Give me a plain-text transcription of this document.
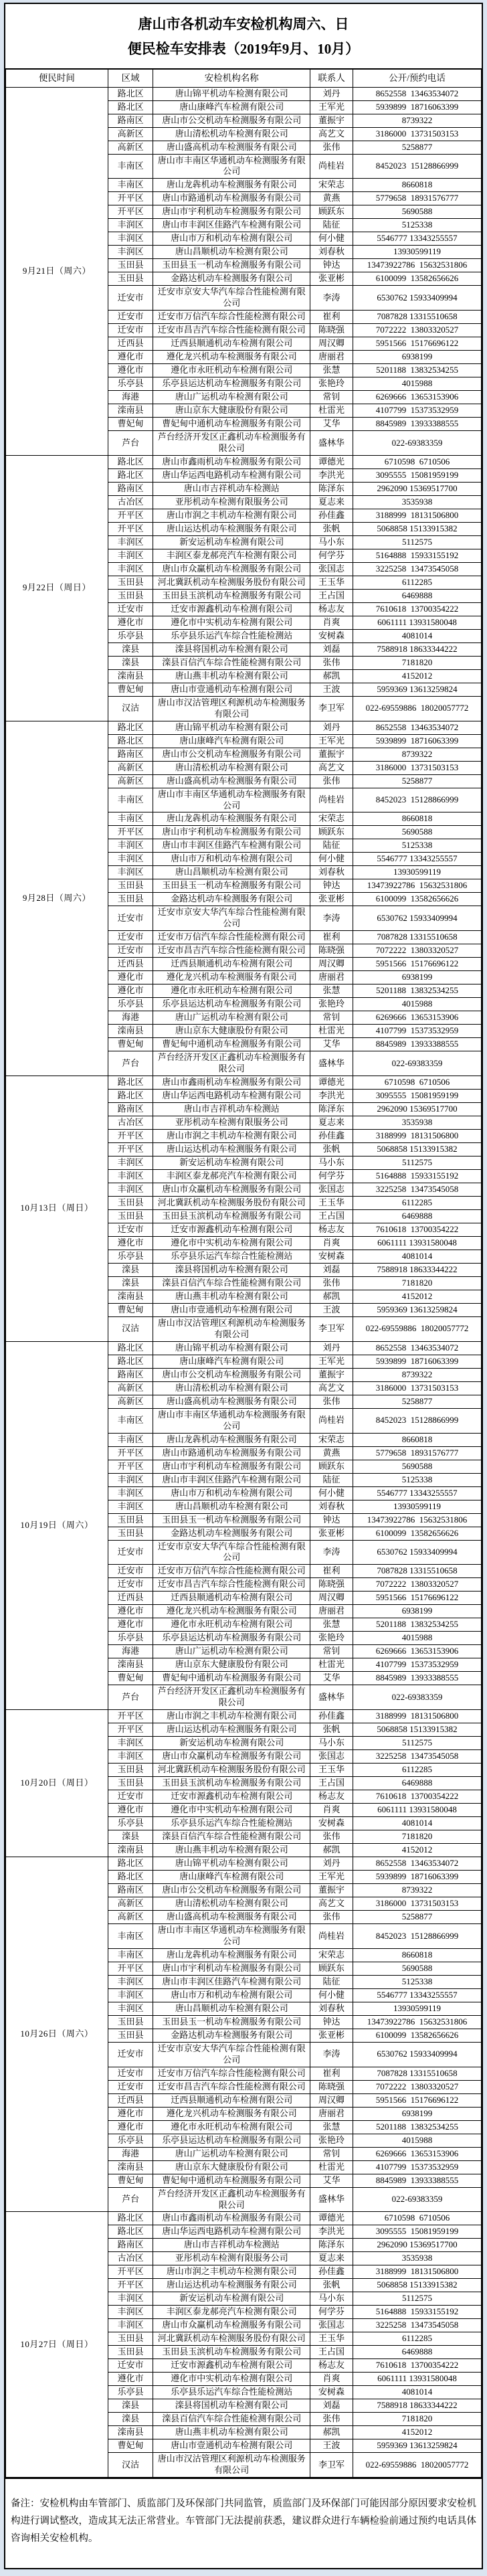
唐山市各机动车安检机构周六、日
便民检车安排表（2019年9月、10月）
便民时间	区域	安检机构名称	联系人	公开/预约电话
9月21日（周六）	路北区	唐山锦平机动车检测有限公司	刘丹	8652558  13463534072
	路北区	唐山康峰汽车检测有限公司	王军光	5939899  18716063399
	路南区	唐山市公交机动车检测服务有限公司	董振宇	8739322
	高新区	唐山清松机动车检测有限公司	高艺文	3186000  13731503153
	高新区	唐山盛高机动车检测服务有限公司	张伟	5258877
	丰南区	唐山市丰南区华通机动车检测服务有限公司	尚桂岩	8452023  15128866999
	丰南区	唐山龙犇机动车检测服务有限公司	宋荣志	8660818
	开平区	唐山市路通机动车检测服务有限公司	黄燕	5779658  18931576777
	开平区	唐山市宇利机动车检测服务有限公司	顾跃东	5690588
	丰润区	唐山市丰润区佳路汽车检测有限公司	陆征	5125338
	丰润区	唐山市万和机动车检测有限公司	何小健	5546777 13343255557
	丰润区	唐山昌顺机动车检测有限公司	刘春秋	13930599119
	玉田县	玉田县玉一机动车检测服务有限公司	钟达	13473922786  15632531806
	玉田县	金路达机动车检测服务有限公司	张亚彬	6100099  13582656626
	迁安市	迁安市京安大华汽车综合性能检测有限公司	李涛	6530762 15933409994
	迁安市	迁安市万信汽车综合性能检测有限公司	崔利	7087828 13315510658
	迁安市	迁安市昌吉汽车综合性能检测有限公司	陈晓强	7072222  13803320527
	迁西县	迁西县顺通机动车检测有限公司	周汉卿	5951566  15176696122
	遵化市	遵化龙兴机动车检测服务有限公司	唐丽君	6938199
	遵化市	遵化市永旺机动车检测有限公司	张慧	5201188  13832534255
	乐亭县	乐亭县运达机动车检测服务有限公司	张艳玲	4015988
	海港	唐山广运机动车检测有限公司	常钊	6269666  13653153906
	滦南县	唐山京东大健康股份有限公司	杜雷光	4107799  15373532959
	曹妃甸	曹妃甸中通机动车检测服务有限公司	艾华	8845989  13933388555
	芦台	芦台经济开发区正鑫机动车检测服务有限公司	盛林华	022-69383359
9月22日（周日）	路北区	唐山市鑫雨机动车检测服务有限公司	谭德光	6710598  6710506
	路北区	唐山华运西电路机动车检测有限公司	李洪光	3095555  15081959199
	路南区	唐山市吉祥机动车检测站	陈泽东	2962090 15369517700
	古冶区	亚彤机动车检测有限服务公司	夏志来	3535938
	开平区	唐山市润之丰机动车检测有限公司	孙佳鑫	3188999  18131506800
	开平区	唐山运达机动车检测服务有限公司	张帆	5068858 15133915382
	丰润区	新安运机动车检测有限公司	马小东	5112575
	丰润区	丰润区泰龙郝亮汽车检测有限公司	何学芬	5164888  15933155192
	丰润区	唐山市众赢机动车检测服务有限公司	张国志	3225258  13473545058
	玉田县	河北冀跃机动车检测服务股份有限公司	王玉华	6112285
	玉田县	玉田县玉滨机动车检测服务有限公司	王占国	6469888
	迁安市	迁安市源鑫机动车检测有限公司	杨志友	7610618  13700354222
	遵化市	遵化市中实机动车检测有限公司	肖爽	6061111 13931580048
	乐亭县	乐亭县乐运汽车综合性能检测站	安树森	4081014
	滦县	滦县将国机动车检测有限公司	刘磊	7588918 18633344222
	滦县	滦县百信汽车综合性能检测有限公司	张伟	7181820
	滦南县	唐山燕丰机动车检测有限公司	郝凯	4152012
	曹妃甸	唐山市壹通机动车检测有限公司	王波	5959369 13613259824
	汉沽	唐山市汉沽管理区利源机动车检测服务有限公司	李卫军	022-69559886  18020057772
9月28日（周六）	路北区	唐山锦平机动车检测有限公司	刘丹	8652558  13463534072
	路北区	唐山康峰汽车检测有限公司	王军光	5939899  18716063399
	路南区	唐山市公交机动车检测服务有限公司	董振宇	8739322
	高新区	唐山清松机动车检测有限公司	高艺文	3186000  13731503153
	高新区	唐山盛高机动车检测服务有限公司	张伟	5258877
	丰南区	唐山市丰南区华通机动车检测服务有限公司	尚桂岩	8452023  15128866999
	丰南区	唐山龙犇机动车检测服务有限公司	宋荣志	8660818
	开平区	唐山市宇利机动车检测服务有限公司	顾跃东	5690588
	丰润区	唐山市丰润区佳路汽车检测有限公司	陆征	5125338
	丰润区	唐山市万和机动车检测有限公司	何小健	5546777 13343255557
	丰润区	唐山昌顺机动车检测有限公司	刘春秋	13930599119
	玉田县	玉田县玉一机动车检测服务有限公司	钟达	13473922786  15632531806
	玉田县	金路达机动车检测服务有限公司	张亚彬	6100099  13582656626
	迁安市	迁安市京安大华汽车综合性能检测有限公司	李涛	6530762 15933409994
	迁安市	迁安市万信汽车综合性能检测有限公司	崔利	7087828 13315510658
	迁安市	迁安市昌吉汽车综合性能检测有限公司	陈晓强	7072222  13803320527
	迁西县	迁西县顺通机动车检测有限公司	周汉卿	5951566  15176696122
	遵化市	遵化龙兴机动车检测服务有限公司	唐丽君	6938199
	遵化市	遵化市永旺机动车检测有限公司	张慧	5201188  13832534255
	乐亭县	乐亭县运达机动车检测服务有限公司	张艳玲	4015988
	海港	唐山广运机动车检测有限公司	常钊	6269666  13653153906
	滦南县	唐山京东大健康股份有限公司	杜雷光	4107799  15373532959
	曹妃甸	曹妃甸中通机动车检测服务有限公司	艾华	8845989  13933388555
	芦台	芦台经济开发区正鑫机动车检测服务有限公司	盛林华	022-69383359
10月13日（周日）	路北区	唐山市鑫雨机动车检测服务有限公司	谭德光	6710598  6710506
	路北区	唐山华运西电路机动车检测有限公司	李洪光	3095555  15081959199
	路南区	唐山市吉祥机动车检测站	陈泽东	2962090 15369517700
	古冶区	亚彤机动车检测有限服务公司	夏志来	3535938
	开平区	唐山市润之丰机动车检测有限公司	孙佳鑫	3188999  18131506800
	开平区	唐山运达机动车检测服务有限公司	张帆	5068858 15133915382
	丰润区	新安运机动车检测有限公司	马小东	5112575
	丰润区	丰润区泰龙郝亮汽车检测有限公司	何学芬	5164888  15933155192
	丰润区	唐山市众赢机动车检测服务有限公司	张国志	3225258  13473545058
	玉田县	河北冀跃机动车检测服务股份有限公司	王玉华	6112285
	玉田县	玉田县玉滨机动车检测服务有限公司	王占国	6469888
	迁安市	迁安市源鑫机动车检测有限公司	杨志友	7610618  13700354222
	遵化市	遵化市中实机动车检测有限公司	肖爽	6061111 13931580048
	乐亭县	乐亭县乐运汽车综合性能检测站	安树森	4081014
	滦县	滦县将国机动车检测有限公司	刘磊	7588918 18633344222
	滦县	滦县百信汽车综合性能检测有限公司	张伟	7181820
	滦南县	唐山燕丰机动车检测有限公司	郝凯	4152012
	曹妃甸	唐山市壹通机动车检测有限公司	王波	5959369 13613259824
	汉沽	唐山市汉沽管理区利源机动车检测服务有限公司	李卫军	022-69559886  18020057772
10月19日（周六）	路北区	唐山锦平机动车检测有限公司	刘丹	8652558  13463534072
	路北区	唐山康峰汽车检测有限公司	王军光	5939899  18716063399
	路南区	唐山市公交机动车检测服务有限公司	董振宇	8739322
	高新区	唐山清松机动车检测有限公司	高艺文	3186000  13731503153
	高新区	唐山盛高机动车检测服务有限公司	张伟	5258877
	丰南区	唐山市丰南区华通机动车检测服务有限公司	尚桂岩	8452023  15128866999
	丰南区	唐山龙犇机动车检测服务有限公司	宋荣志	8660818
	开平区	唐山市路通机动车检测服务有限公司	黄燕	5779658  18931576777
	开平区	唐山市宇利机动车检测服务有限公司	顾跃东	5690588
	丰润区	唐山市丰润区佳路汽车检测有限公司	陆征	5125338
	丰润区	唐山市万和机动车检测有限公司	何小健	5546777 13343255557
	丰润区	唐山昌顺机动车检测有限公司	刘春秋	13930599119
	玉田县	玉田县玉一机动车检测服务有限公司	钟达	13473922786  15632531806
	玉田县	金路达机动车检测服务有限公司	张亚彬	6100099  13582656626
	迁安市	迁安市京安大华汽车综合性能检测有限公司	李涛	6530762 15933409994
	迁安市	迁安市万信汽车综合性能检测有限公司	崔利	7087828 13315510658
	迁安市	迁安市昌吉汽车综合性能检测有限公司	陈晓强	7072222  13803320527
	迁西县	迁西县顺通机动车检测有限公司	周汉卿	5951566  15176696122
	遵化市	遵化龙兴机动车检测服务有限公司	唐丽君	6938199
	遵化市	遵化市永旺机动车检测有限公司	张慧	5201188  13832534255
	乐亭县	乐亭县运达机动车检测服务有限公司	张艳玲	4015988
	海港	唐山广运机动车检测有限公司	常钊	6269666  13653153906
	滦南县	唐山京东大健康股份有限公司	杜雷光	4107799  15373532959
	曹妃甸	曹妃甸中通机动车检测服务有限公司	艾华	8845989  13933388555
	芦台	芦台经济开发区正鑫机动车检测服务有限公司	盛林华	022-69383359
10月20日（周日）	开平区	唐山市润之丰机动车检测有限公司	孙佳鑫	3188999  18131506800
	开平区	唐山运达机动车检测服务有限公司	张帆	5068858 15133915382
	丰润区	新安运机动车检测有限公司	马小东	5112575
	丰润区	唐山市众赢机动车检测服务有限公司	张国志	3225258  13473545058
	玉田县	河北冀跃机动车检测服务股份有限公司	王玉华	6112285
	玉田县	玉田县玉滨机动车检测服务有限公司	王占国	6469888
	迁安市	迁安市源鑫机动车检测有限公司	杨志友	7610618  13700354222
	遵化市	遵化市中实机动车检测有限公司	肖爽	6061111 13931580048
	乐亭县	乐亭县乐运汽车综合性能检测站	安树森	4081014
	滦县	滦县百信汽车综合性能检测有限公司	张伟	7181820
	滦南县	唐山燕丰机动车检测有限公司	郝凯	4152012
10月26日（周六）	路北区	唐山锦平机动车检测有限公司	刘丹	8652558  13463534072
	路北区	唐山康峰汽车检测有限公司	王军光	5939899  18716063399
	路南区	唐山市公交机动车检测服务有限公司	董振宇	8739322
	高新区	唐山清松机动车检测有限公司	高艺文	3186000  13731503153
	高新区	唐山盛高机动车检测服务有限公司	张伟	5258877
	丰南区	唐山市丰南区华通机动车检测服务有限公司	尚桂岩	8452023  15128866999
	丰南区	唐山龙犇机动车检测服务有限公司	宋荣志	8660818
	开平区	唐山市宇利机动车检测服务有限公司	顾跃东	5690588
	丰润区	唐山市丰润区佳路汽车检测有限公司	陆征	5125338
	丰润区	唐山市万和机动车检测有限公司	何小健	5546777 13343255557
	丰润区	唐山昌顺机动车检测有限公司	刘春秋	13930599119
	玉田县	玉田县玉一机动车检测服务有限公司	钟达	13473922786  15632531806
	玉田县	金路达机动车检测服务有限公司	张亚彬	6100099  13582656626
	迁安市	迁安市京安大华汽车综合性能检测有限公司	李涛	6530762 15933409994
	迁安市	迁安市万信汽车综合性能检测有限公司	崔利	7087828 13315510658
	迁安市	迁安市昌吉汽车综合性能检测有限公司	陈晓强	7072222  13803320527
	迁西县	迁西县顺通机动车检测有限公司	周汉卿	5951566  15176696122
	遵化市	遵化龙兴机动车检测服务有限公司	唐丽君	6938199
	遵化市	遵化市永旺机动车检测有限公司	张慧	5201188  13832534255
	乐亭县	乐亭县运达机动车检测服务有限公司	张艳玲	4015988
	海港	唐山广运机动车检测有限公司	常钊	6269666  13653153906
	滦南县	唐山京东大健康股份有限公司	杜雷光	4107799  15373532959
	曹妃甸	曹妃甸中通机动车检测服务有限公司	艾华	8845989  13933388555
	芦台	芦台经济开发区正鑫机动车检测服务有限公司	盛林华	022-69383359
10月27日（周日）	路北区	唐山市鑫雨机动车检测服务有限公司	谭德光	6710598  6710506
	路北区	唐山华运西电路机动车检测有限公司	李洪光	3095555  15081959199
	路南区	唐山市吉祥机动车检测站	陈泽东	2962090 15369517700
	古冶区	亚彤机动车检测有限服务公司	夏志来	3535938
	开平区	唐山市润之丰机动车检测有限公司	孙佳鑫	3188999  18131506800
	开平区	唐山运达机动车检测服务有限公司	张帆	5068858 15133915382
	丰润区	新安运机动车检测有限公司	马小东	5112575
	丰润区	丰润区泰龙郝亮汽车检测有限公司	何学芬	5164888  15933155192
	丰润区	唐山市众赢机动车检测服务有限公司	张国志	3225258  13473545058
	玉田县	河北冀跃机动车检测服务股份有限公司	王玉华	6112285
	玉田县	玉田县玉滨机动车检测服务有限公司	王占国	6469888
	迁安市	迁安市源鑫机动车检测有限公司	杨志友	7610618  13700354222
	遵化市	遵化市中实机动车检测有限公司	肖爽	6061111 13931580048
	乐亭县	乐亭县乐运汽车综合性能检测站	安树森	4081014
	滦县	滦县将国机动车检测有限公司	刘磊	7588918 18633344222
	滦县	滦县百信汽车综合性能检测有限公司	张伟	7181820
	滦南县	唐山燕丰机动车检测有限公司	郝凯	4152012
	曹妃甸	唐山市壹通机动车检测有限公司	王波	5959369 13613259824
	汉沽	唐山市汉沽管理区利源机动车检测服务有限公司	李卫军	022-69559886  18020057772
备注：安检机构由车管部门、质监部门及环保部门共同监管，质监部门及环保部门可能因部分原因要求安检机构进行调试整改，造成其无法正常营业。车管部门无法提前获悉，建议群众进行车辆检验前通过预约电话具体咨询相关安检机构。
